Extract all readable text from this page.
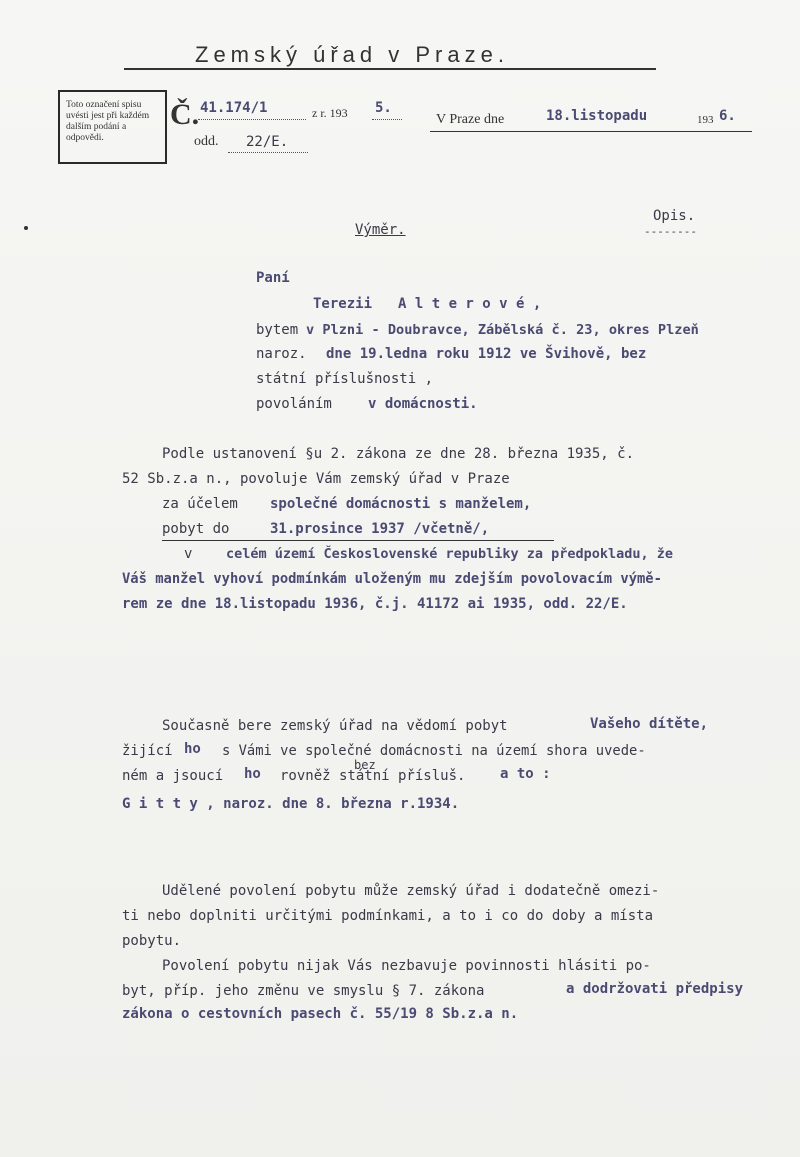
Zemský úřad v Praze.
Toto označení spisu uvésti jest při každém dalším podání a odpovědi.
Č. 41.174/1	z r. 193 5.
odd. 22/E.
V Praze dne	18.listopadu	193 6.
Opis.
--------
Výměr.
Paní
Terezii A l t e r o v é ,
bytem v Plzni - Doubravce, Zábělská č. 23, okres Plzeň
naroz. dne 19.ledna roku 1912 ve Švihově, bez
státní příslušnosti ,
povoláním	v domácnosti.
Podle ustanovení §u 2. zákona ze dne 28. března 1935, č.
52 Sb.z.a n., povoluje Vám zemský úřad v Praze
za účelem společné domácnosti s manželem,
pobyt do	31.prosince 1937 /včetně/,
v celém území Československé republiky za předpokladu, že
Váš manžel vyhoví podmínkám uloženým mu zdejším povolovacím výmě-
rem ze dne 18.listopadu 1936, č.j. 41172 ai 1935, odd. 22/E.
Současně bere zemský úřad na vědomí pobyt	Vašeho dítěte,
žijící ho s Vámi ve společné domácnosti na území shora uvede-
bez
ném a jsoucí ho rovněž státní přísluš. a to :
G i t t y , naroz. dne 8. března r.1934.
Udělené povolení pobytu může zemský úřad i dodatečně omezi-
ti nebo doplniti určitými podmínkami, a to i co do doby a místa
pobytu.
Povolení pobytu nijak Vás nezbavuje povinnosti hlásiti po-
byt, příp. jeho změnu ve smyslu § 7. zákona	a dodržovati předpisy
zákona o cestovních pasech č. 55/19 8 Sb.z.a n.
